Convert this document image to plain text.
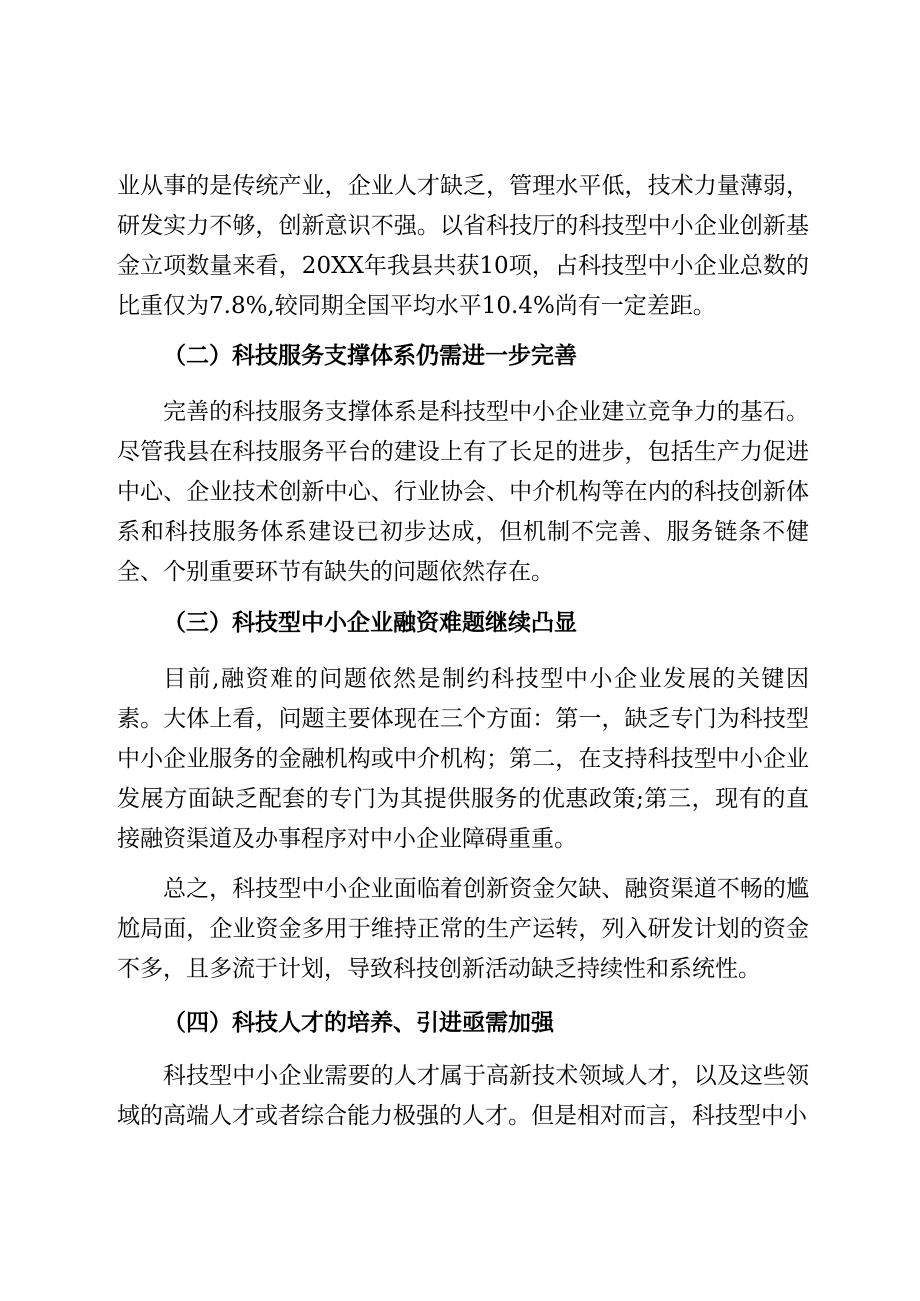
业从事的是传统产业，企业人才缺乏，管理水平低，技术力量薄弱，研发实力不够，创新意识不强。以省科技厅的科技型中小企业创新基金立项数量来看，20XX年我县共获10项，占科技型中小企业总数的比重仅为7.8%,较同期全国平均水平10.4%尚有一定差距。

（二）科技服务支撑体系仍需进一步完善

完善的科技服务支撑体系是科技型中小企业建立竞争力的基石。尽管我县在科技服务平台的建设上有了长足的进步，包括生产力促进中心、企业技术创新中心、行业协会、中介机构等在内的科技创新体系和科技服务体系建设已初步达成，但机制不完善、服务链条不健全、个别重要环节有缺失的问题依然存在。

（三）科技型中小企业融资难题继续凸显

目前,融资难的问题依然是制约科技型中小企业发展的关键因素。大体上看，问题主要体现在三个方面：第一，缺乏专门为科技型中小企业服务的金融机构或中介机构；第二，在支持科技型中小企业发展方面缺乏配套的专门为其提供服务的优惠政策;第三，现有的直接融资渠道及办事程序对中小企业障碍重重。

总之，科技型中小企业面临着创新资金欠缺、融资渠道不畅的尴尬局面，企业资金多用于维持正常的生产运转，列入研发计划的资金不多，且多流于计划，导致科技创新活动缺乏持续性和系统性。

（四）科技人才的培养、引进亟需加强

科技型中小企业需要的人才属于高新技术领域人才，以及这些领域的高端人才或者综合能力极强的人才。但是相对而言，科技型中小
